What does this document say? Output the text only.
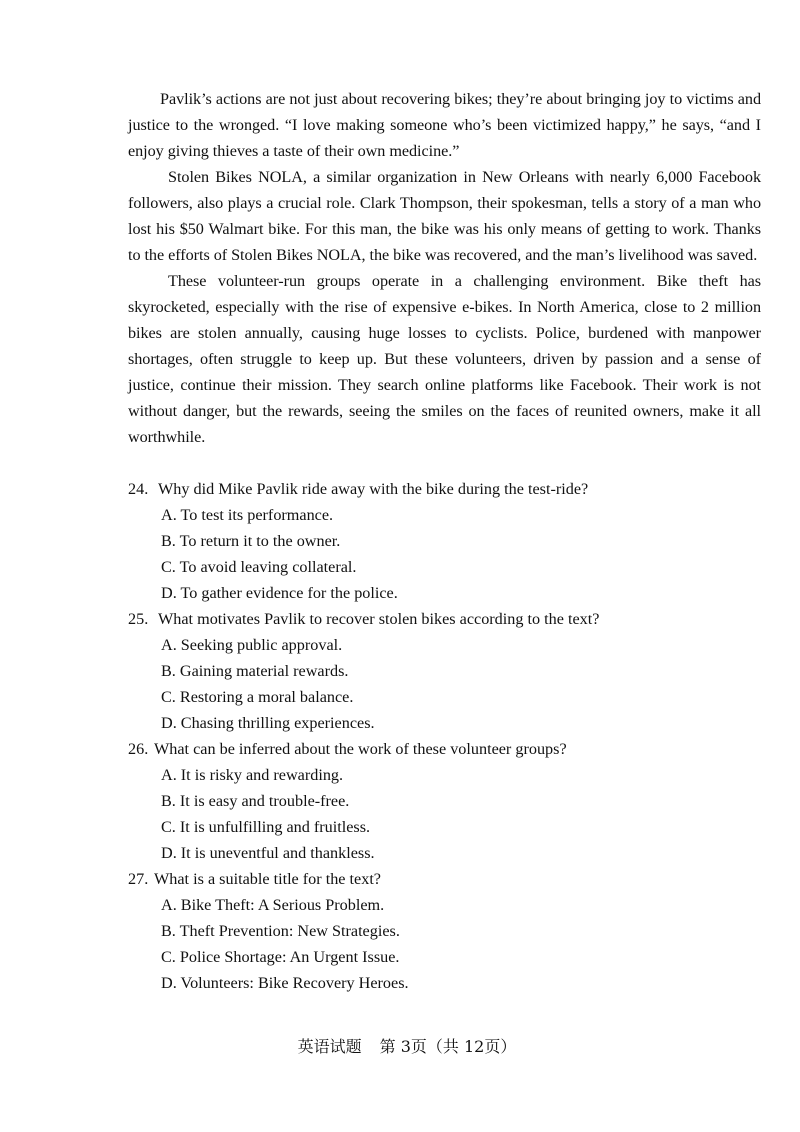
Pavlik’s actions are not just about recovering bikes; they’re about bringing joy to victims and justice to the wronged. “I love making someone who’s been victimized happy,” he says, “and I enjoy giving thieves a taste of their own medicine.”

Stolen Bikes NOLA, a similar organization in New Orleans with nearly 6,000 Facebook followers, also plays a crucial role. Clark Thompson, their spokesman, tells a story of a man who lost his $50 Walmart bike. For this man, the bike was his only means of getting to work. Thanks to the efforts of Stolen Bikes NOLA, the bike was recovered, and the man’s livelihood was saved.

These volunteer-run groups operate in a challenging environment. Bike theft has skyrocketed, especially with the rise of expensive e-bikes. In North America, close to 2 million bikes are stolen annually, causing huge losses to cyclists. Police, burdened with manpower shortages, often struggle to keep up. But these volunteers, driven by passion and a sense of justice, continue their mission. They search online platforms like Facebook. Their work is not without danger, but the rewards, seeing the smiles on the faces of reunited owners, make it all worthwhile.

24. Why did Mike Pavlik ride away with the bike during the test-ride?

A. To test its performance.
B. To return it to the owner.
C. To avoid leaving collateral.
D. To gather evidence for the police.

25. What motivates Pavlik to recover stolen bikes according to the text?

A. Seeking public approval.
B. Gaining material rewards.
C. Restoring a moral balance.
D. Chasing thrilling experiences.

26. What can be inferred about the work of these volunteer groups?

A. It is risky and rewarding.
B. It is easy and trouble-free.
C. It is unfulfilling and fruitless.
D. It is uneventful and thankless.

27. What is a suitable title for the text?

A. Bike Theft: A Serious Problem.
B. Theft Prevention: New Strategies.
C. Police Shortage: An Urgent Issue.
D. Volunteers: Bike Recovery Heroes.
英语试题 第 3页（共 12页）
